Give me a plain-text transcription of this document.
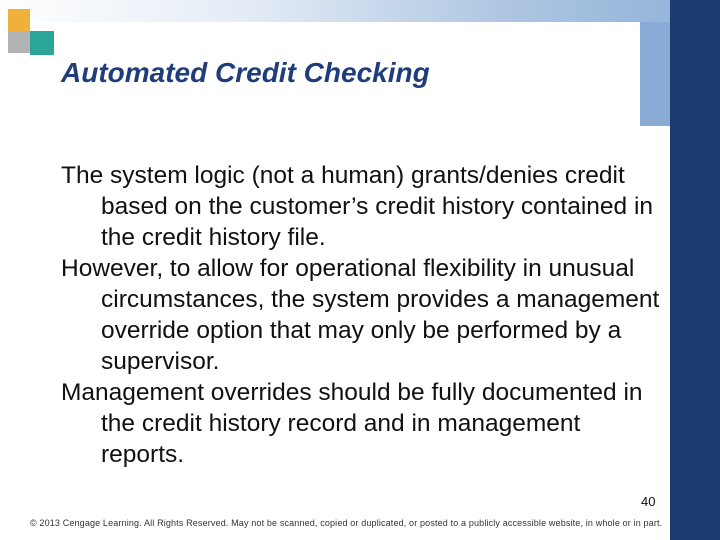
Automated Credit Checking

The system logic (not a human) grants/denies credit based on the customer’s credit history contained in the credit history file.

However, to allow for operational flexibility in unusual circumstances, the system provides a management override option that may only be performed by a supervisor.

Management overrides should be fully documented in the credit history record and in management reports.

40
© 2013 Cengage Learning. All Rights Reserved. May not be scanned, copied or duplicated, or posted to a publicly accessible website, in whole or in part.
